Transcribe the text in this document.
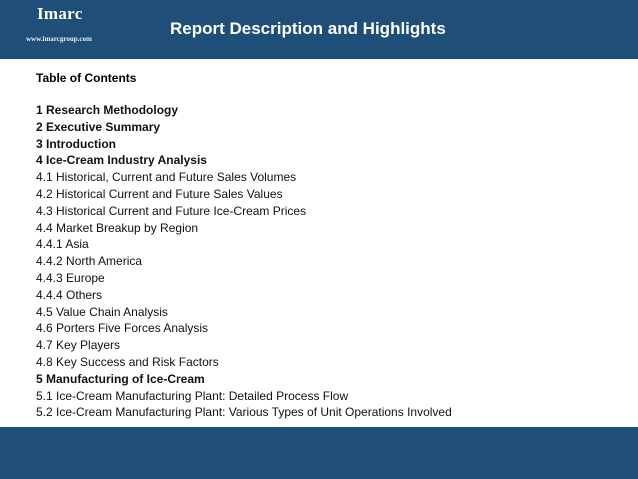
Imarc
www.imarcgroup.com
Report Description and Highlights
Table of Contents
1 Research Methodology
2 Executive Summary
3 Introduction
4 Ice-Cream Industry Analysis
4.1 Historical, Current and Future Sales Volumes
4.2 Historical Current and Future Sales Values
4.3 Historical Current and Future Ice-Cream Prices
4.4 Market Breakup by Region
4.4.1 Asia
4.4.2 North America
4.4.3 Europe
4.4.4 Others
4.5 Value Chain Analysis
4.6 Porters Five Forces Analysis
4.7 Key Players
4.8 Key Success and Risk Factors
5 Manufacturing of Ice-Cream
5.1 Ice-Cream Manufacturing Plant: Detailed Process Flow
5.2 Ice-Cream Manufacturing Plant: Various Types of Unit Operations Involved
